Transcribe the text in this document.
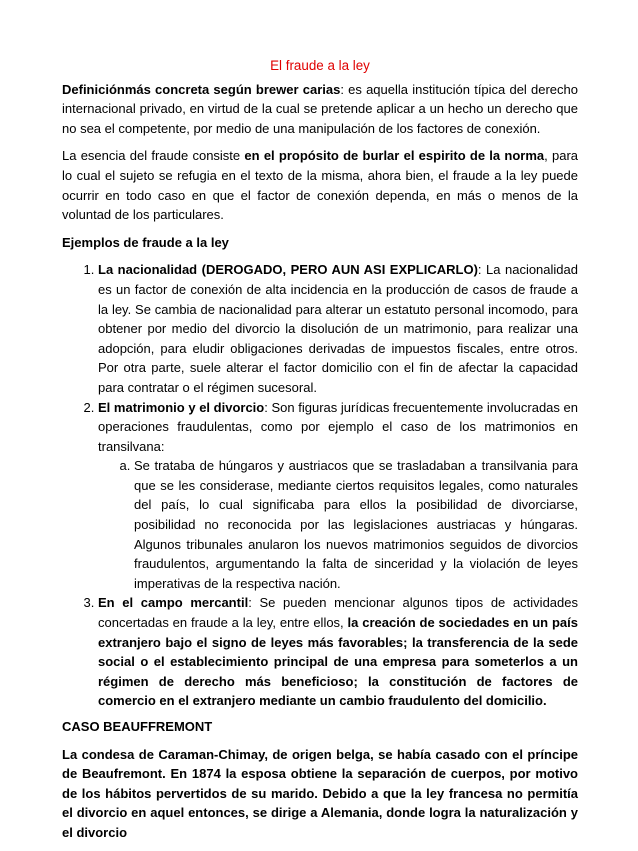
El fraude a la ley

Definiciónmás concreta según brewer carias: es aquella institución típica del derecho internacional privado, en virtud de la cual se pretende aplicar a un hecho un derecho que no sea el competente, por medio de una manipulación de los factores de conexión.

La esencia del fraude consiste en el propósito de burlar el espirito de la norma, para lo cual el sujeto se refugia en el texto de la misma, ahora bien, el fraude a la ley puede ocurrir en todo caso en que el factor de conexión dependa, en más o menos de la voluntad de los particulares.

Ejemplos de fraude a la ley
1. La nacionalidad (DEROGADO, PERO AUN ASI EXPLICARLO): La nacionalidad es un factor de conexión de alta incidencia en la producción de casos de fraude a la ley. Se cambia de nacionalidad para alterar un estatuto personal incomodo, para obtener por medio del divorcio la disolución de un matrimonio, para realizar una adopción, para eludir obligaciones derivadas de impuestos fiscales, entre otros. Por otra parte, suele alterar el factor domicilio con el fin de afectar la capacidad para contratar o el régimen sucesoral.
2. El matrimonio y el divorcio: Son figuras jurídicas frecuentemente involucradas en operaciones fraudulentas, como por ejemplo el caso de los matrimonios en transilvana:
a. Se trataba de húngaros y austriacos que se trasladaban a transilvania para que se les considerase, mediante ciertos requisitos legales, como naturales del país, lo cual significaba para ellos la posibilidad de divorciarse, posibilidad no reconocida por las legislaciones austriacas y húngaras. Algunos tribunales anularon los nuevos matrimonios seguidos de divorcios fraudulentos, argumentando la falta de sinceridad y la violación de leyes imperativas de la respectiva nación.
3. En el campo mercantil: Se pueden mencionar algunos tipos de actividades concertadas en fraude a la ley, entre ellos, la creación de sociedades en un país extranjero bajo el signo de leyes más favorables; la transferencia de la sede social o el establecimiento principal de una empresa para someterlos a un régimen de derecho más beneficioso; la constitución de factores de comercio en el extranjero mediante un cambio fraudulento del domicilio.
CASO BEAUFFREMONT

La condesa de Caraman-Chimay, de origen belga, se había casado con el príncipe de Beaufremont. En 1874 la esposa obtiene la separación de cuerpos, por motivo de los hábitos pervertidos de su marido. Debido a que la ley francesa no permitía el divorcio en aquel entonces, se dirige a Alemania, donde logra la naturalización y el divorcio
